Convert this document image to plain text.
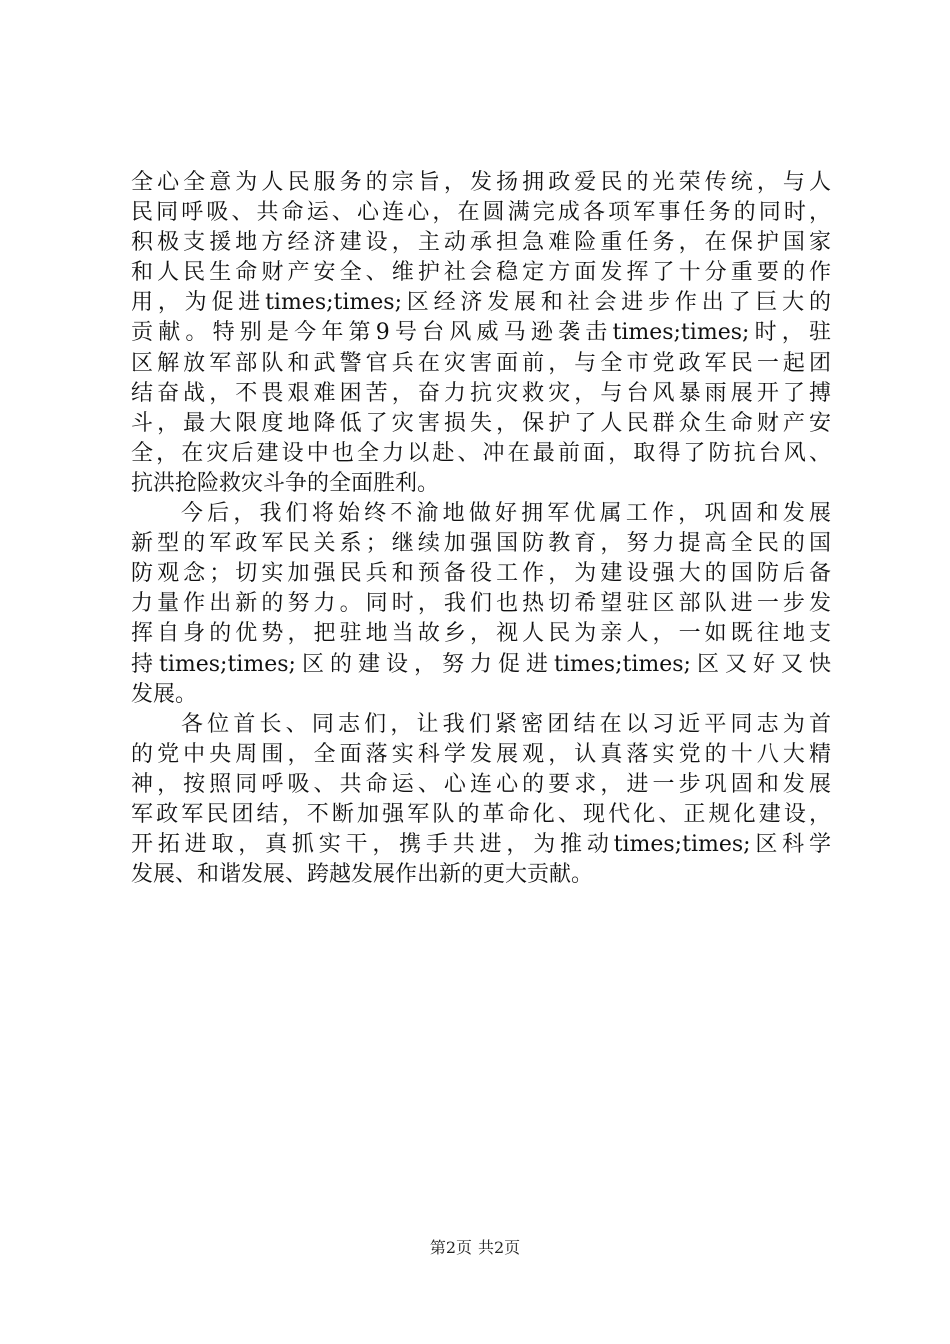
全心全意为人民服务的宗旨，发扬拥政爱民的光荣传统，与人
民同呼吸、共命运、心连心，在圆满完成各项军事任务的同时，
积极支援地方经济建设，主动承担急难险重任务，在保护国家
和人民生命财产安全、维护社会稳定方面发挥了十分重要的作
用，为促进times;times;区经济发展和社会进步作出了巨大的
贡献。特别是今年第9号台风威马逊袭击times;times;时，驻
区解放军部队和武警官兵在灾害面前，与全市党政军民一起团
结奋战，不畏艰难困苦，奋力抗灾救灾，与台风暴雨展开了搏
斗，最大限度地降低了灾害损失，保护了人民群众生命财产安
全，在灾后建设中也全力以赴、冲在最前面，取得了防抗台风、
抗洪抢险救灾斗争的全面胜利。
今后，我们将始终不渝地做好拥军优属工作，巩固和发展
新型的军政军民关系；继续加强国防教育，努力提高全民的国
防观念；切实加强民兵和预备役工作，为建设强大的国防后备
力量作出新的努力。同时，我们也热切希望驻区部队进一步发
挥自身的优势，把驻地当故乡，视人民为亲人，一如既往地支
持times;times;区的建设，努力促进times;times;区又好又快
发展。
各位首长、同志们，让我们紧密团结在以习近平同志为首
的党中央周围，全面落实科学发展观，认真落实党的十八大精
神，按照同呼吸、共命运、心连心的要求，进一步巩固和发展
军政军民团结，不断加强军队的革命化、现代化、正规化建设，
开拓进取，真抓实干，携手共进，为推动times;times;区科学
发展、和谐发展、跨越发展作出新的更大贡献。
第2页 共2页
